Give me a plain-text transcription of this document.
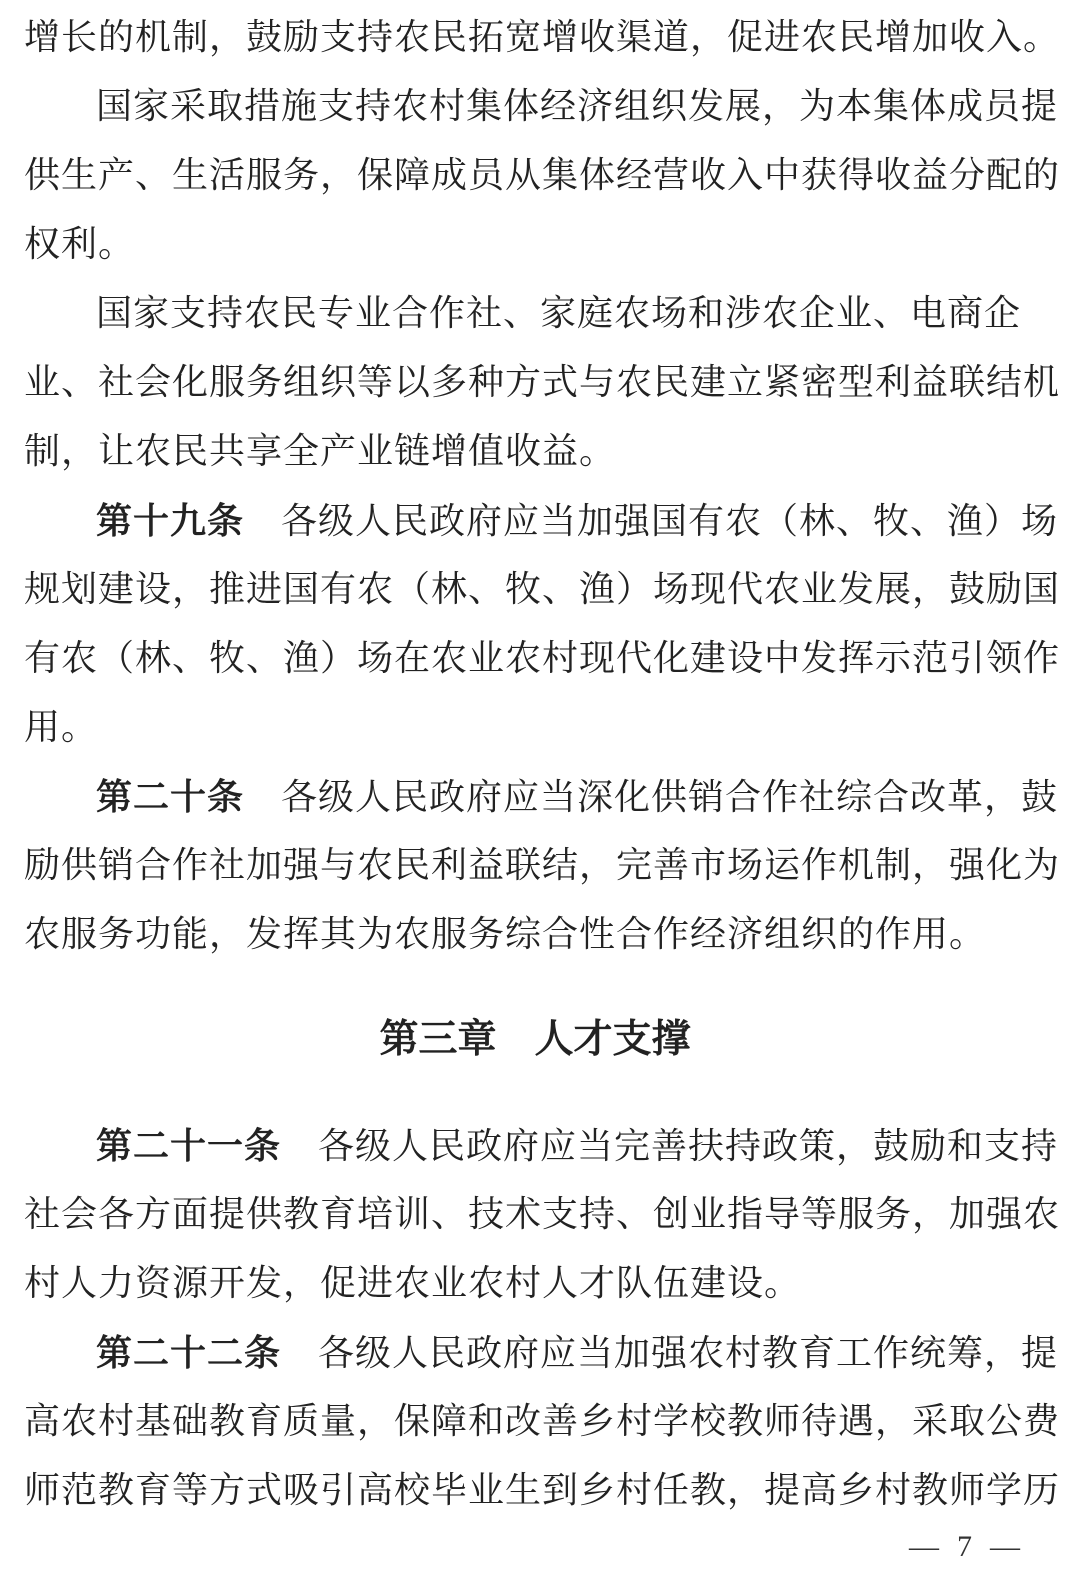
增长的机制，鼓励支持农民拓宽增收渠道，促进农民增加收入。
国家采取措施支持农村集体经济组织发展，为本集体成员提
供生产、生活服务，保障成员从集体经营收入中获得收益分配的
权利。
国家支持农民专业合作社、家庭农场和涉农企业、电商企
业、社会化服务组织等以多种方式与农民建立紧密型利益联结机
制，让农民共享全产业链增值收益。
第十九条　各级人民政府应当加强国有农（林、牧、渔）场
规划建设，推进国有农（林、牧、渔）场现代农业发展，鼓励国
有农（林、牧、渔）场在农业农村现代化建设中发挥示范引领作
用。
第二十条　各级人民政府应当深化供销合作社综合改革，鼓
励供销合作社加强与农民利益联结，完善市场运作机制，强化为
农服务功能，发挥其为农服务综合性合作经济组织的作用。
第三章 人才支撑
第二十一条　各级人民政府应当完善扶持政策，鼓励和支持
社会各方面提供教育培训、技术支持、创业指导等服务，加强农
村人力资源开发，促进农业农村人才队伍建设。
第二十二条　各级人民政府应当加强农村教育工作统筹，提
高农村基础教育质量，保障和改善乡村学校教师待遇，采取公费
师范教育等方式吸引高校毕业生到乡村任教，提高乡村教师学历
— 7 —
